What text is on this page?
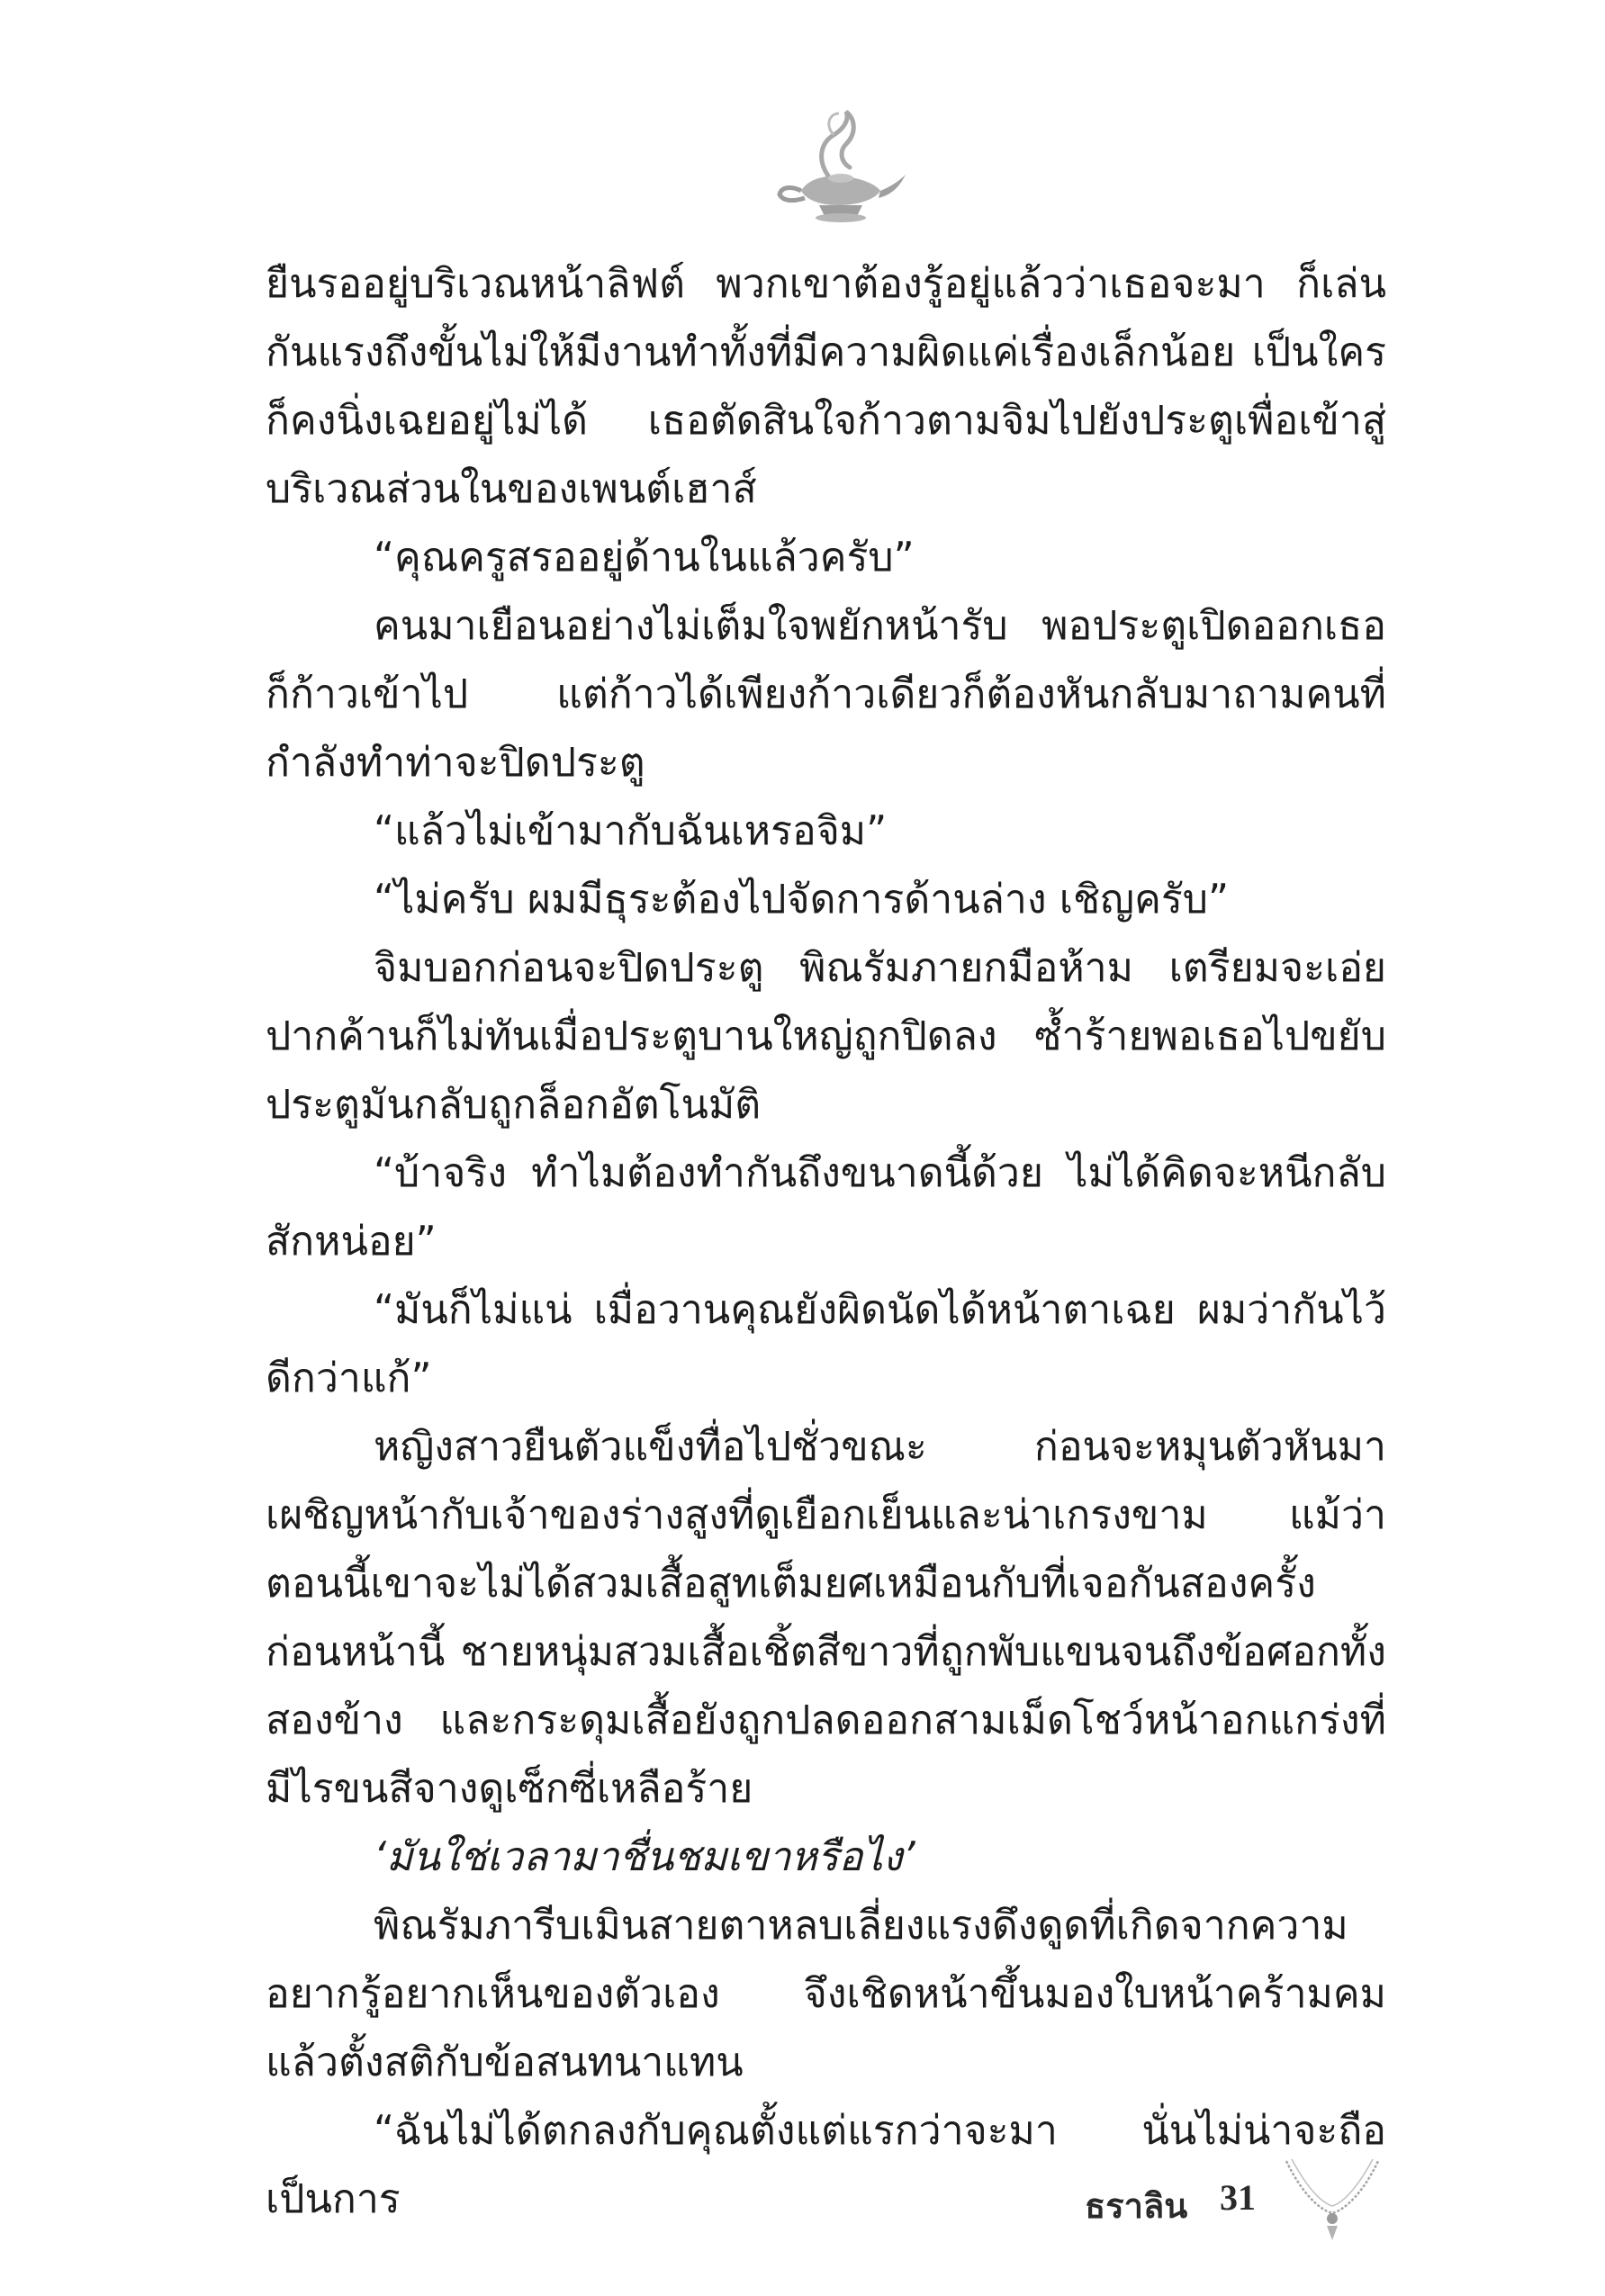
ยืนรออยู่บริเวณหน้าลิฟต์ พวกเขาต้องรู้อยู่แล้วว่าเธอจะมา ก็เล่นกันแรงถึงขั้นไม่ให้มีงานทำทั้งที่มีความผิดแค่เรื่องเล็กน้อย เป็นใครก็คงนิ่งเฉยอยู่ไม่ได้ เธอตัดสินใจก้าวตามจิมไปยังประตูเพื่อเข้าสู่บริเวณส่วนในของเพนต์เฮาส์

“คุณครูสรออยู่ด้านในแล้วครับ”

คนมาเยือนอย่างไม่เต็มใจพยักหน้ารับ พอประตูเปิดออกเธอก็ก้าวเข้าไป แต่ก้าวได้เพียงก้าวเดียวก็ต้องหันกลับมาถามคนที่กำลังทำท่าจะปิดประตู

“แล้วไม่เข้ามากับฉันเหรอจิม”

“ไม่ครับ ผมมีธุระต้องไปจัดการด้านล่าง เชิญครับ”

จิมบอกก่อนจะปิดประตู พิณรัมภายกมือห้าม เตรียมจะเอ่ยปากค้านก็ไม่ทันเมื่อประตูบานใหญ่ถูกปิดลง ซ้ำร้ายพอเธอไปขยับประตูมันกลับถูกล็อกอัตโนมัติ

“บ้าจริง ทำไมต้องทำกันถึงขนาดนี้ด้วย ไม่ได้คิดจะหนีกลับสักหน่อย”

“มันก็ไม่แน่ เมื่อวานคุณยังผิดนัดได้หน้าตาเฉย ผมว่ากันไว้ดีกว่าแก้”

หญิงสาวยืนตัวแข็งทื่อไปชั่วขณะ ก่อนจะหมุนตัวหันมาเผชิญหน้ากับเจ้าของร่างสูงที่ดูเยือกเย็นและน่าเกรงขาม แม้ว่าตอนนี้เขาจะไม่ได้สวมเสื้อสูทเต็มยศเหมือนกับที่เจอกันสองครั้งก่อนหน้านี้ ชายหนุ่มสวมเสื้อเชิ้ตสีขาวที่ถูกพับแขนจนถึงข้อศอกทั้งสองข้าง และกระดุมเสื้อยังถูกปลดออกสามเม็ดโชว์หน้าอกแกร่งที่มีไรขนสีจางดูเซ็กซี่เหลือร้าย

‘มันใช่เวลามาชื่นชมเขาหรือไง’

พิณรัมภารีบเมินสายตาหลบเลี่ยงแรงดึงดูดที่เกิดจากความอยากรู้อยากเห็นของตัวเอง จึงเชิดหน้าขึ้นมองใบหน้าคร้ามคมแล้วตั้งสติกับข้อสนทนาแทน

“ฉันไม่ได้ตกลงกับคุณตั้งแต่แรกว่าจะมา นั่นไม่น่าจะถือเป็นการ	ธราลิน 31
